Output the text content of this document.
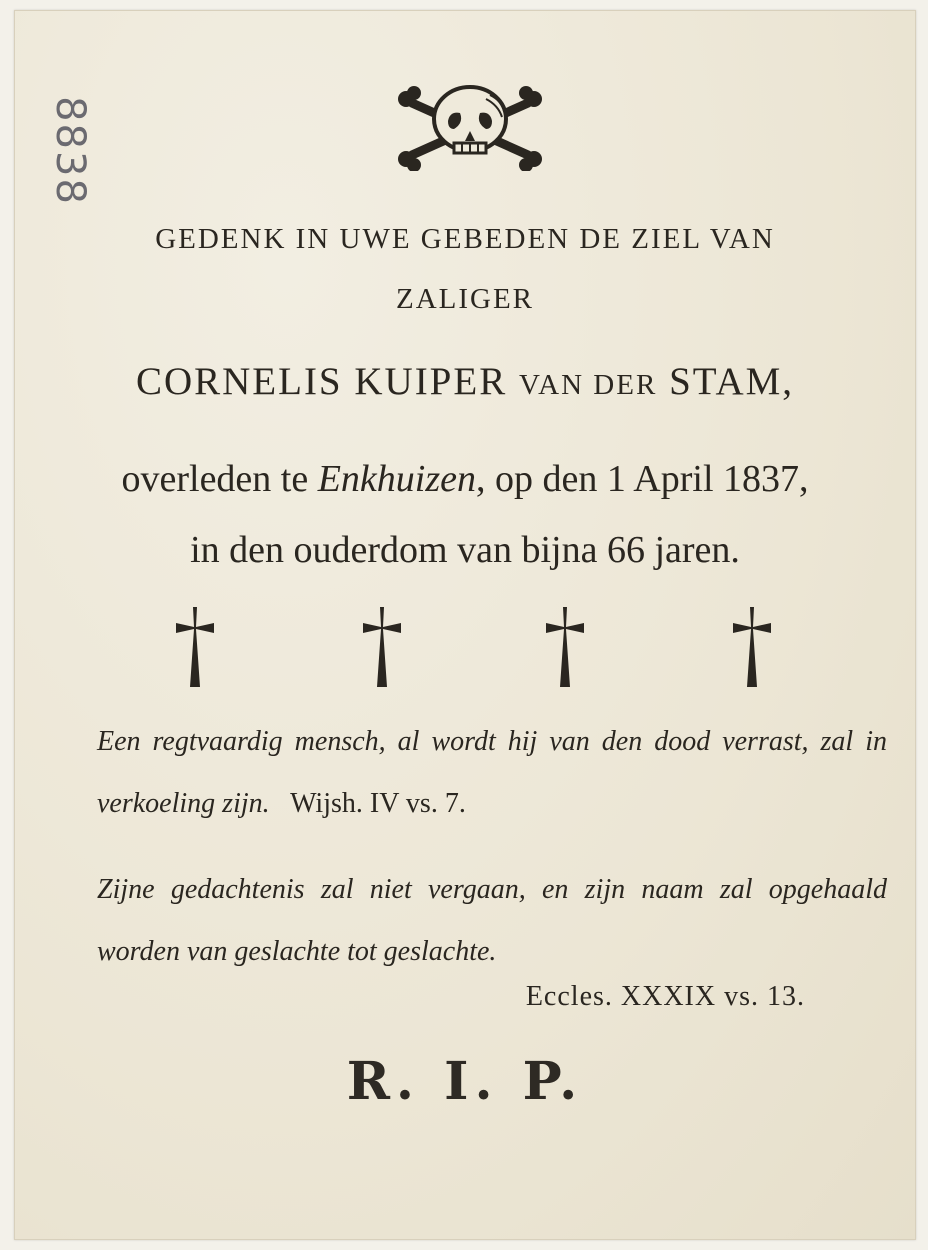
8838
GEDENK IN UWE GEBEDEN DE ZIEL VAN
ZALIGER
CORNELIS KUIPER VAN DER STAM,
overleden te Enkhuizen, op den 1 April 1837,
in den ouderdom van bijna 66 jaren.
Een regtvaardig mensch, al wordt hij van den dood verrast, zal in verkoeling zijn. Wijsh. IV vs. 7.
Zijne gedachtenis zal niet vergaan, en zijn naam zal opgehaald worden van geslachte tot geslachte.
Eccles. XXXIX vs. 13.
R. I. P.
